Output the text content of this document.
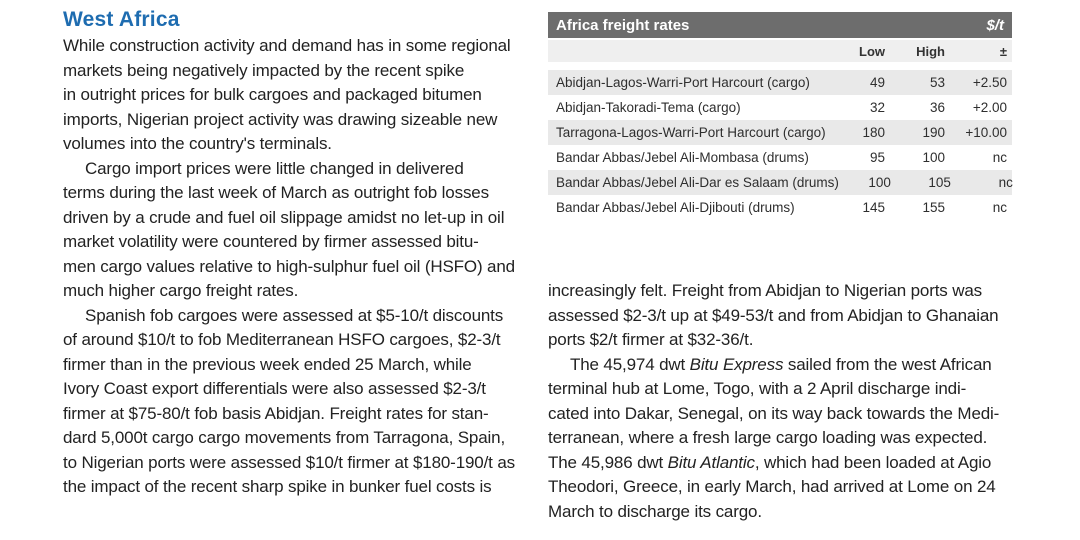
West Africa
While construction activity and demand has in some regional
markets being negatively impacted by the recent spike
in outright prices for bulk cargoes and packaged bitumen
imports, Nigerian project activity was drawing sizeable new
volumes into the country's terminals.
Cargo import prices were little changed in delivered
terms during the last week of March as outright fob losses
driven by a crude and fuel oil slippage amidst no let-up in oil
market volatility were countered by firmer assessed bitu-
men cargo values relative to high-sulphur fuel oil (HSFO) and
much higher cargo freight rates.
Spanish fob cargoes were assessed at $5-10/t discounts
of around $10/t to fob Mediterranean HSFO cargoes, $2-3/t
firmer than in the previous week ended 25 March, while
Ivory Coast export differentials were also assessed $2-3/t
firmer at $75-80/t fob basis Abidjan. Freight rates for stan-
dard 5,000t cargo cargo movements from Tarragona, Spain,
to Nigerian ports were assessed $10/t firmer at $180-190/t as
the impact of the recent sharp spike in bunker fuel costs is
Africa freight rates	$/t
Low	High	±
Abidjan-Lagos-Warri-Port Harcourt (cargo)	49	53	+2.50
Abidjan-Takoradi-Tema (cargo)	32	36	+2.00
Tarragona-Lagos-Warri-Port Harcourt (cargo)	180	190	+10.00
Bandar Abbas/Jebel Ali-Mombasa (drums)	95	100	nc
Bandar Abbas/Jebel Ali-Dar es Salaam (drums)	100	105	nc
Bandar Abbas/Jebel Ali-Djibouti (drums)	145	155	nc
increasingly felt. Freight from Abidjan to Nigerian ports was
assessed $2-3/t up at $49-53/t and from Abidjan to Ghanaian
ports $2/t firmer at $32-36/t.
The 45,974 dwt Bitu Express sailed from the west African
terminal hub at Lome, Togo, with a 2 April discharge indi-
cated into Dakar, Senegal, on its way back towards the Medi-
terranean, where a fresh large cargo loading was expected.
The 45,986 dwt Bitu Atlantic, which had been loaded at Agio
Theodori, Greece, in early March, had arrived at Lome on 24
March to discharge its cargo.
